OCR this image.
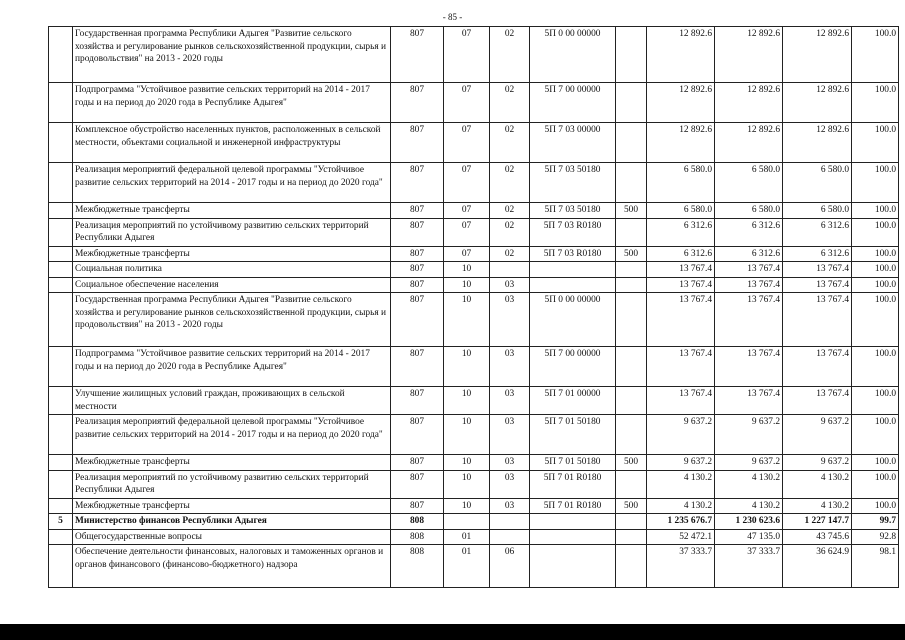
- 85 -
	Государственная программа Республики Адыгея "Развитие сельского хозяйства и регулирование рынков сельскохозяйственной продукции, сырья и продовольствия" на 2013 - 2020 годы	807	07	02	5П 0 00 00000		12 892.6	12 892.6	12 892.6	100.0
	Подпрограмма "Устойчивое развитие сельских территорий на 2014 - 2017 годы и на период до 2020 года в Республике Адыгея"	807	07	02	5П 7 00 00000		12 892.6	12 892.6	12 892.6	100.0
	Комплексное обустройство населенных пунктов, расположенных в сельской местности, объектами социальной и инженерной инфраструктуры	807	07	02	5П 7 03 00000		12 892.6	12 892.6	12 892.6	100.0
	Реализация мероприятий федеральной целевой программы "Устойчивое развитие сельских территорий на 2014 - 2017 годы и на период до 2020 года"	807	07	02	5П 7 03 50180		6 580.0	6 580.0	6 580.0	100.0
	Межбюджетные трансферты	807	07	02	5П 7 03 50180	500	6 580.0	6 580.0	6 580.0	100.0
	Реализация мероприятий по устойчивому развитию сельских территорий Республики Адыгея	807	07	02	5П 7 03 R0180		6 312.6	6 312.6	6 312.6	100.0
	Межбюджетные трансферты	807	07	02	5П 7 03 R0180	500	6 312.6	6 312.6	6 312.6	100.0
	Социальная политика	807	10				13 767.4	13 767.4	13 767.4	100.0
	Социальное обеспечение населения	807	10	03			13 767.4	13 767.4	13 767.4	100.0
	Государственная программа Республики Адыгея "Развитие сельского хозяйства и регулирование рынков сельскохозяйственной продукции, сырья и продовольствия" на 2013 - 2020 годы	807	10	03	5П 0 00 00000		13 767.4	13 767.4	13 767.4	100.0
	Подпрограмма "Устойчивое развитие сельских территорий на 2014 - 2017 годы и на период до 2020 года в Республике Адыгея"	807	10	03	5П 7 00 00000		13 767.4	13 767.4	13 767.4	100.0
	Улучшение жилищных условий граждан, проживающих в сельской местности	807	10	03	5П 7 01 00000		13 767.4	13 767.4	13 767.4	100.0
	Реализация мероприятий федеральной целевой программы "Устойчивое развитие сельских территорий на 2014 - 2017 годы и на период до 2020 года"	807	10	03	5П 7 01 50180		9 637.2	9 637.2	9 637.2	100.0
	Межбюджетные трансферты	807	10	03	5П 7 01 50180	500	9 637.2	9 637.2	9 637.2	100.0
	Реализация мероприятий по устойчивому развитию сельских территорий Республики Адыгея	807	10	03	5П 7 01 R0180		4 130.2	4 130.2	4 130.2	100.0
	Межбюджетные трансферты	807	10	03	5П 7 01 R0180	500	4 130.2	4 130.2	4 130.2	100.0
5	Министерство финансов Республики Адыгея	808					1 235 676.7	1 230 623.6	1 227 147.7	99.7
	Общегосударственные вопросы	808	01				52 472.1	47 135.0	43 745.6	92.8
	Обеспечение деятельности финансовых, налоговых и таможенных органов и органов финансового (финансово-бюджетного) надзора	808	01	06			37 333.7	37 333.7	36 624.9	98.1
